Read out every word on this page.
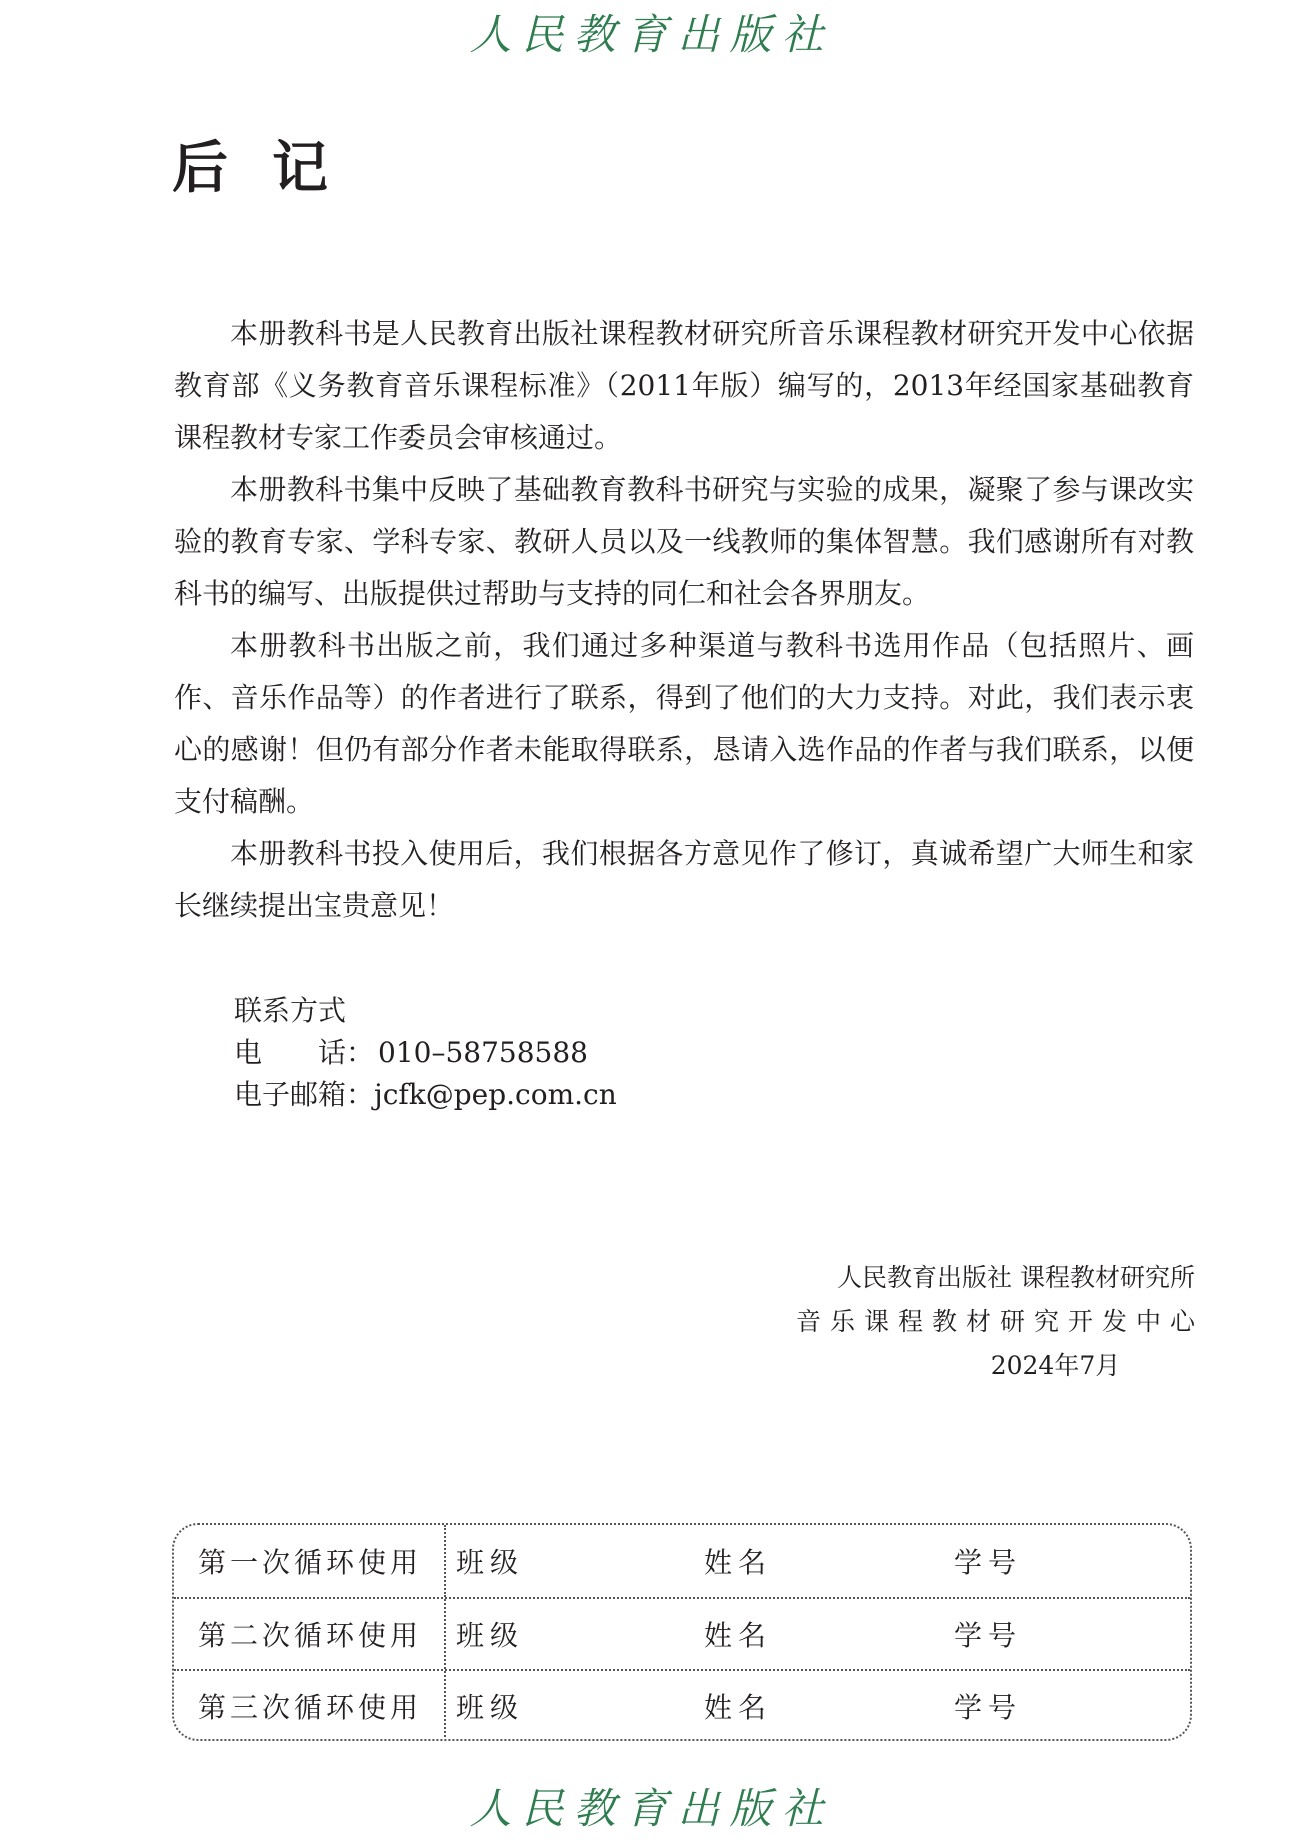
人民教育出版社
后记

本册教科书是人民教育出版社课程教材研究所音乐课程教材研究开发中心依据教育部《义务教育音乐课程标准》（2011年版）编写的，2013年经国家基础教育课程教材专家工作委员会审核通过。

本册教科书集中反映了基础教育教科书研究与实验的成果，凝聚了参与课改实验的教育专家、学科专家、教研人员以及一线教师的集体智慧。我们感谢所有对教科书的编写、出版提供过帮助与支持的同仁和社会各界朋友。

本册教科书出版之前，我们通过多种渠道与教科书选用作品（包括照片、画作、音乐作品等）的作者进行了联系，得到了他们的大力支持。对此，我们表示衷心的感谢！但仍有部分作者未能取得联系，恳请入选作品的作者与我们联系，以便支付稿酬。

本册教科书投入使用后，我们根据各方意见作了修订，真诚希望广大师生和家长继续提出宝贵意见！

联系方式
电　　话： 010–58758588
电子邮箱：jcfk@pep.com.cn
人民教育出版社 课程教材研究所
音乐课程教材研究开发中心
2024年7月
第一次循环使用	班级	姓名	学号
第二次循环使用	班级	姓名	学号
第三次循环使用	班级	姓名	学号
人民教育出版社
